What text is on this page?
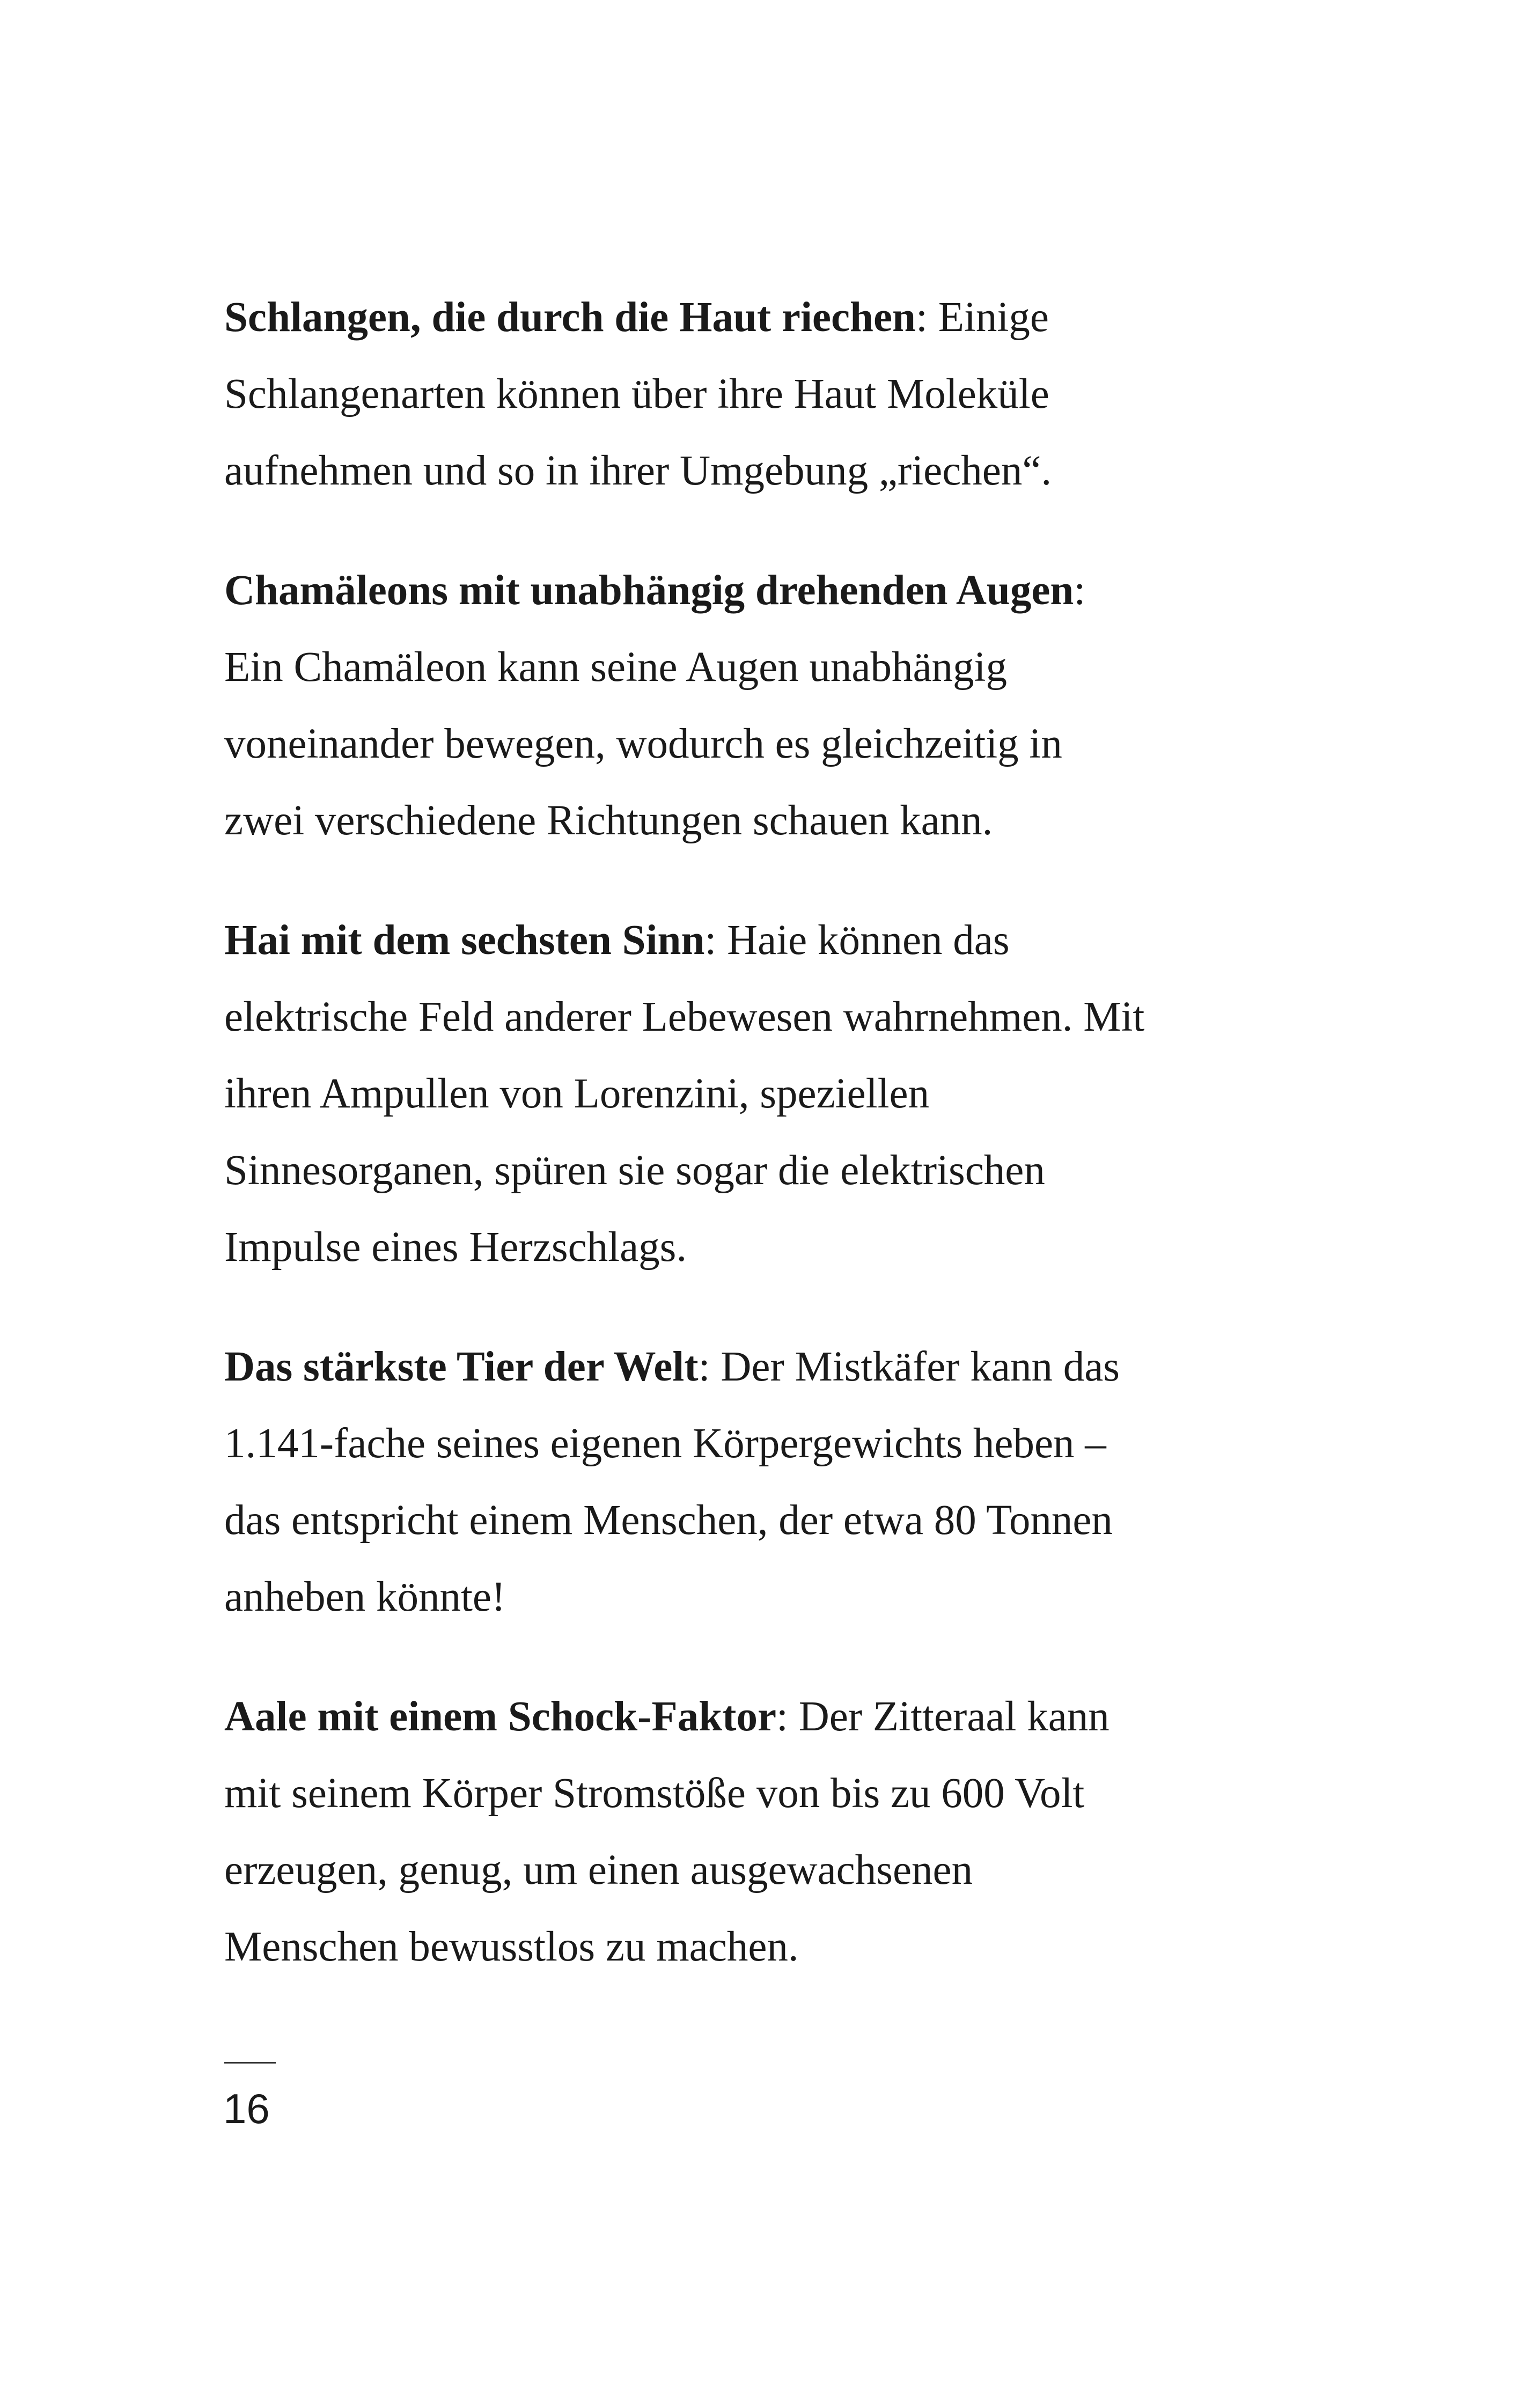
Schlangen, die durch die Haut riechen: Einige
Schlangenarten können über ihre Haut Moleküle
aufnehmen und so in ihrer Umgebung „riechen“.

Chamäleons mit unabhängig drehenden Augen:
Ein Chamäleon kann seine Augen unabhängig
voneinander bewegen, wodurch es gleichzeitig in
zwei verschiedene Richtungen schauen kann.

Hai mit dem sechsten Sinn: Haie können das
elektrische Feld anderer Lebewesen wahrnehmen. Mit
ihren Ampullen von Lorenzini, speziellen
Sinnesorganen, spüren sie sogar die elektrischen
Impulse eines Herzschlags.

Das stärkste Tier der Welt: Der Mistkäfer kann das
1.141-fache seines eigenen Körpergewichts heben –
das entspricht einem Menschen, der etwa 80 Tonnen
anheben könnte!

Aale mit einem Schock-Faktor: Der Zitteraal kann
mit seinem Körper Stromstöße von bis zu 600 Volt
erzeugen, genug, um einen ausgewachsenen
Menschen bewusstlos zu machen.

16
